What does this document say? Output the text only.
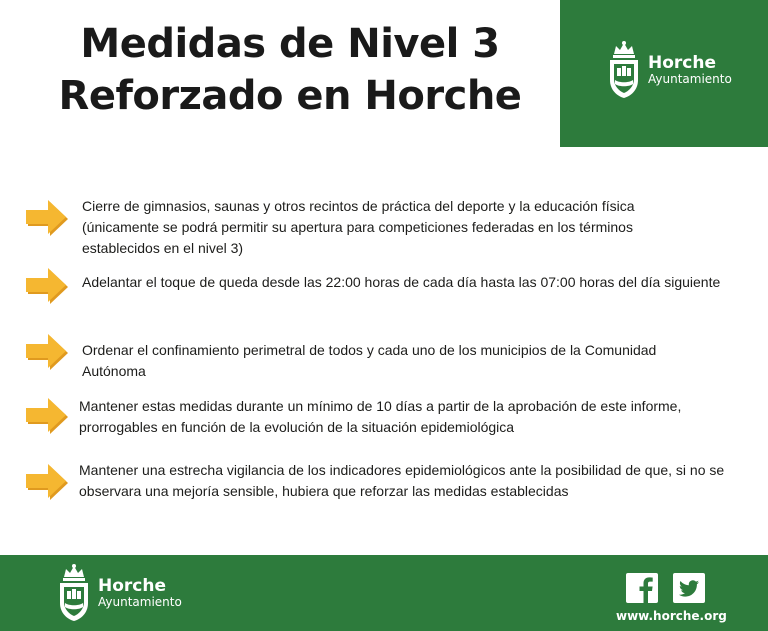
Medidas de Nivel 3
Reforzado en Horche
Horche
Ayuntamiento
Cierre de gimnasios, saunas y otros recintos de práctica del deporte y la educación física (únicamente se podrá permitir su apertura para competiciones federadas en los términos establecidos en el nivel 3)
Adelantar el toque de queda desde las 22:00 horas de cada día hasta las 07:00 horas del día siguiente
Ordenar el confinamiento perimetral de todos y cada uno de los municipios de la Comunidad Autónoma
Mantener estas medidas durante un mínimo de 10 días a partir de la aprobación de este informe, prorrogables en función de la evolución de la situación epidemiológica
Mantener una estrecha vigilancia de los indicadores epidemiológicos ante la posibilidad de que, si no se observara una mejoría sensible, hubiera que reforzar las medidas establecidas
Horche
Ayuntamiento
www.horche.org
